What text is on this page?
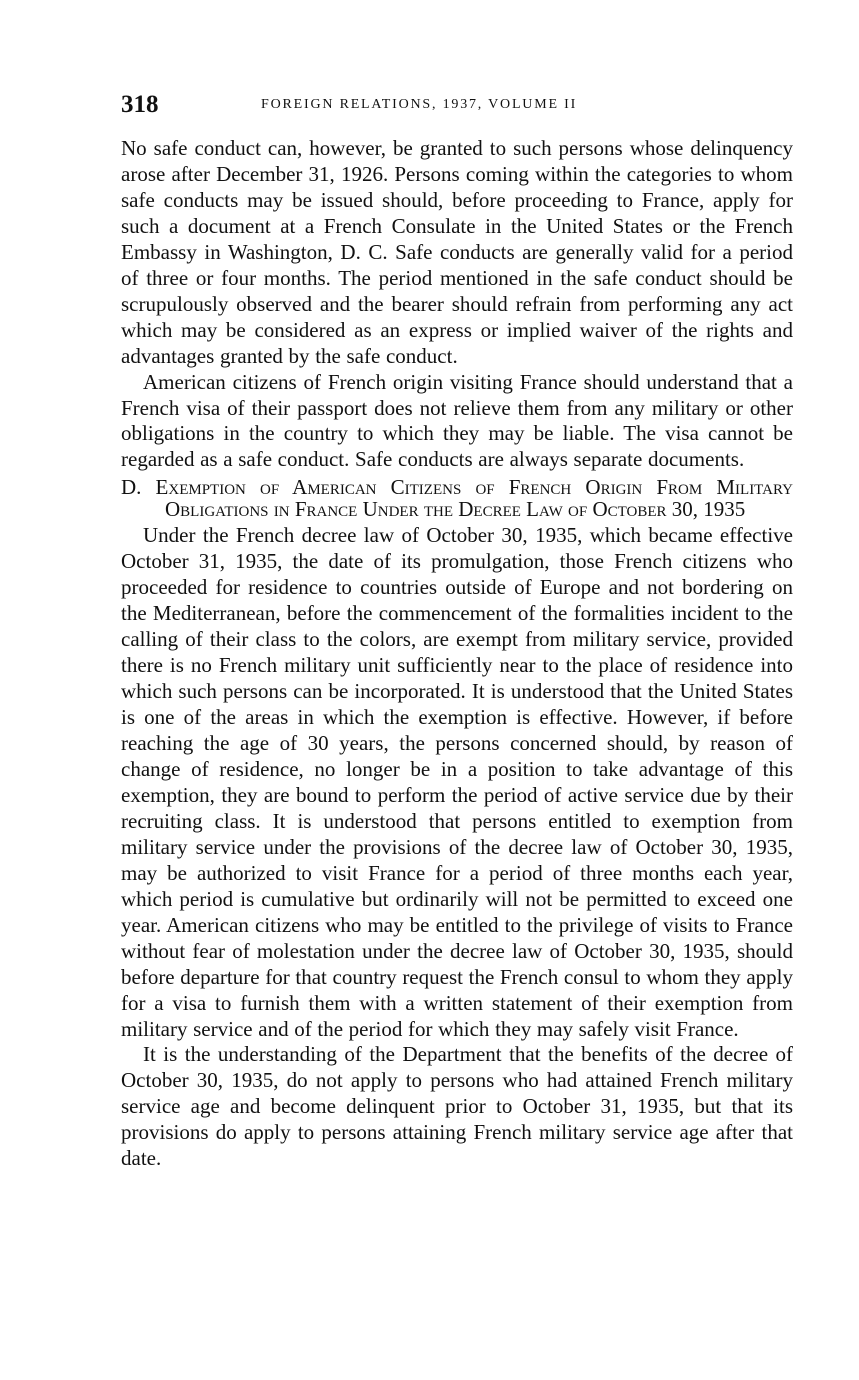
318	FOREIGN RELATIONS, 1937, VOLUME II

No safe conduct can, however, be granted to such persons whose delinquency arose after December 31, 1926. Persons coming within the categories to whom safe conducts may be issued should, before proceeding to France, apply for such a document at a French Consulate in the United States or the French Embassy in Washington, D. C. Safe conducts are generally valid for a period of three or four months. The period mentioned in the safe conduct should be scrupulously observed and the bearer should refrain from performing any act which may be considered as an express or implied waiver of the rights and advantages granted by the safe conduct.

American citizens of French origin visiting France should understand that a French visa of their passport does not relieve them from any military or other obligations in the country to which they may be liable. The visa cannot be regarded as a safe conduct. Safe conducts are always separate documents.

D. Exemption of American Citizens of French Origin From Military Obligations in France Under the Decree Law of October 30, 1935

Under the French decree law of October 30, 1935, which became effective October 31, 1935, the date of its promulgation, those French citizens who proceeded for residence to countries outside of Europe and not bordering on the Mediterranean, before the commencement of the formalities incident to the calling of their class to the colors, are exempt from military service, provided there is no French military unit sufficiently near to the place of residence into which such persons can be incorporated. It is understood that the United States is one of the areas in which the exemption is effective. However, if before reaching the age of 30 years, the persons concerned should, by reason of change of residence, no longer be in a position to take advantage of this exemption, they are bound to perform the period of active service due by their recruiting class. It is understood that persons entitled to exemption from military service under the provisions of the decree law of October 30, 1935, may be authorized to visit France for a period of three months each year, which period is cumulative but ordinarily will not be permitted to exceed one year. American citizens who may be entitled to the privilege of visits to France without fear of molestation under the decree law of October 30, 1935, should before departure for that country request the French consul to whom they apply for a visa to furnish them with a written statement of their exemption from military service and of the period for which they may safely visit France.

It is the understanding of the Department that the benefits of the decree of October 30, 1935, do not apply to persons who had attained French military service age and become delinquent prior to October 31, 1935, but that its provisions do apply to persons attaining French military service age after that date.
